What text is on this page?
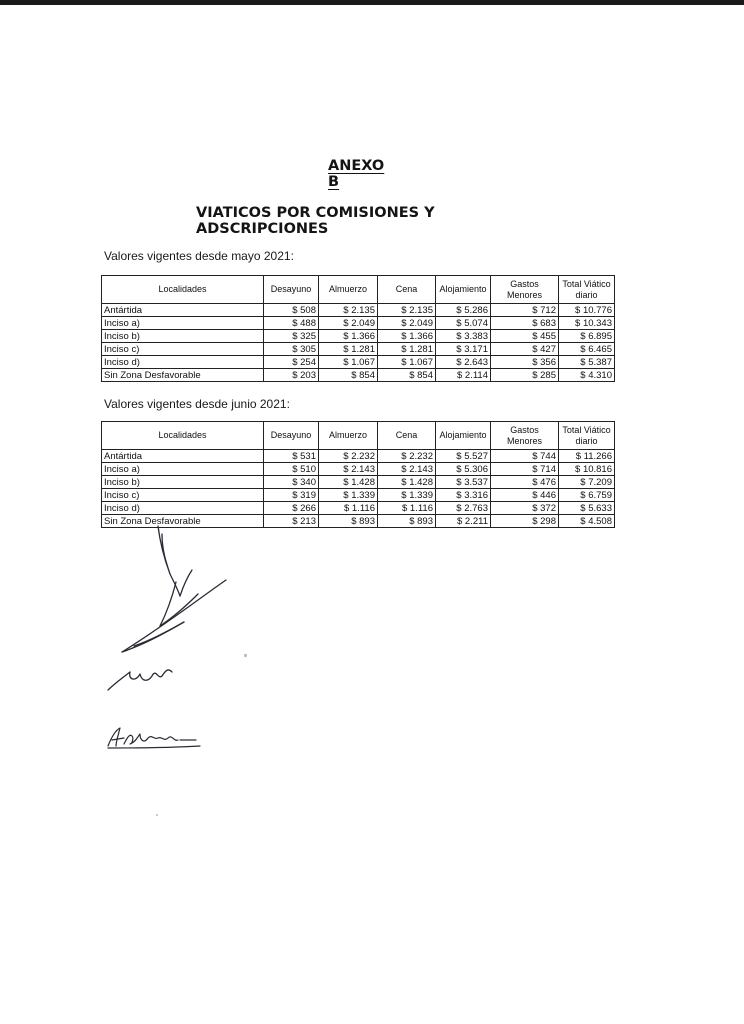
ANEXO B
VIATICOS POR COMISIONES Y ADSCRIPCIONES
Valores vigentes desde mayo 2021:
Localidades	Desayuno	Almuerzo	Cena	Alojamiento	Gastos Menores	Total Viático diario
Antártida	$ 508	$ 2.135	$ 2.135	$ 5.286	$ 712	$ 10.776
Inciso a)	$ 488	$ 2.049	$ 2.049	$ 5.074	$ 683	$ 10.343
Inciso b)	$ 325	$ 1.366	$ 1.366	$ 3.383	$ 455	$ 6.895
Inciso c)	$ 305	$ 1.281	$ 1.281	$ 3.171	$ 427	$ 6.465
Inciso d)	$ 254	$ 1.067	$ 1.067	$ 2.643	$ 356	$ 5.387
Sin Zona Desfavorable	$ 203	$ 854	$ 854	$ 2.114	$ 285	$ 4.310
Valores vigentes desde junio 2021:
Localidades	Desayuno	Almuerzo	Cena	Alojamiento	Gastos Menores	Total Viático diario
Antártida	$ 531	$ 2.232	$ 2.232	$ 5.527	$ 744	$ 11.266
Inciso a)	$ 510	$ 2.143	$ 2.143	$ 5.306	$ 714	$ 10.816
Inciso b)	$ 340	$ 1.428	$ 1.428	$ 3.537	$ 476	$ 7.209
Inciso c)	$ 319	$ 1.339	$ 1.339	$ 3.316	$ 446	$ 6.759
Inciso d)	$ 266	$ 1.116	$ 1.116	$ 2.763	$ 372	$ 5.633
Sin Zona Desfavorable	$ 213	$ 893	$ 893	$ 2.211	$ 298	$ 4.508
